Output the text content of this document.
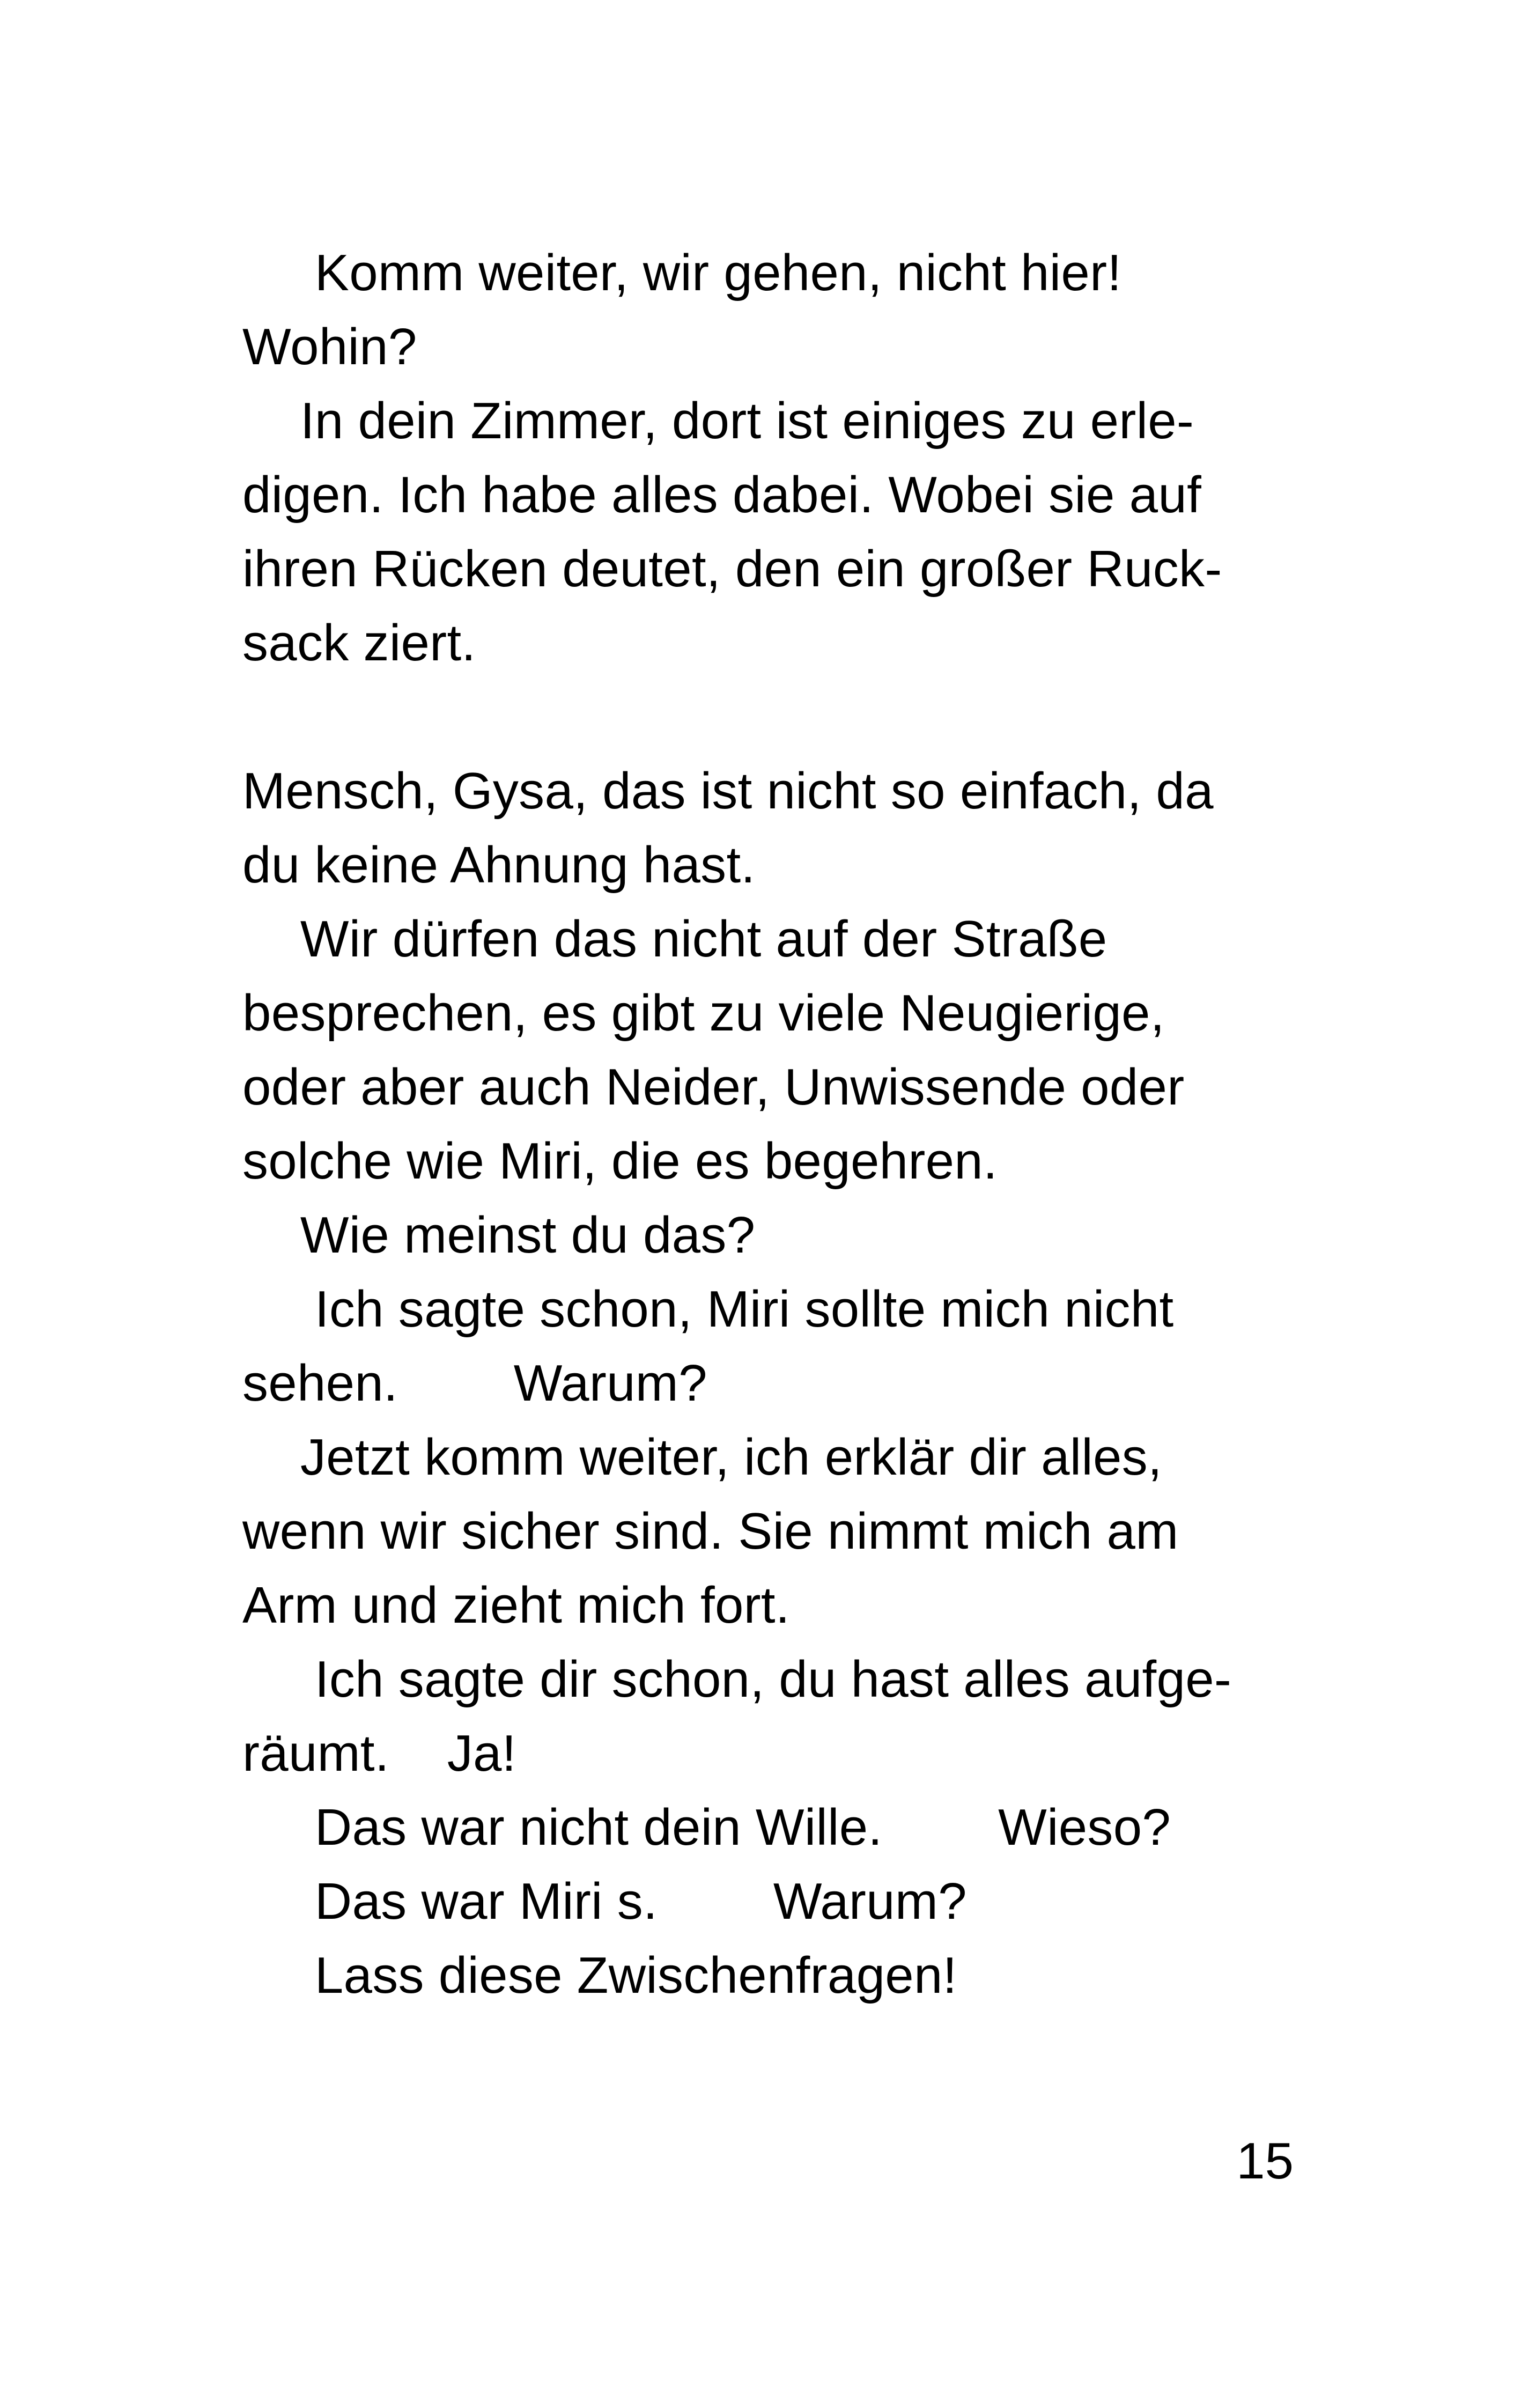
Komm weiter, wir gehen, nicht hier!
Wohin?
In dein Zimmer, dort ist einiges zu erle-
digen. Ich habe alles dabei. Wobei sie auf
ihren Rücken deutet, den ein großer Ruck-
sack ziert.
Mensch, Gysa, das ist nicht so einfach, da
du keine Ahnung hast.
Wir dürfen das nicht auf der Straße
besprechen, es gibt zu viele Neugierige,
oder aber auch Neider, Unwissende oder
solche wie Miri, die es begehren.
Wie meinst du das?
Ich sagte schon, Miri sollte mich nicht
sehen.        Warum?
Jetzt komm weiter, ich erklär dir alles,
wenn wir sicher sind. Sie nimmt mich am
Arm und zieht mich fort.
Ich sagte dir schon, du hast alles aufge-
räumt.    Ja!
Das war nicht dein Wille.        Wieso?
Das war Miri s.        Warum?
Lass diese Zwischenfragen!
15
